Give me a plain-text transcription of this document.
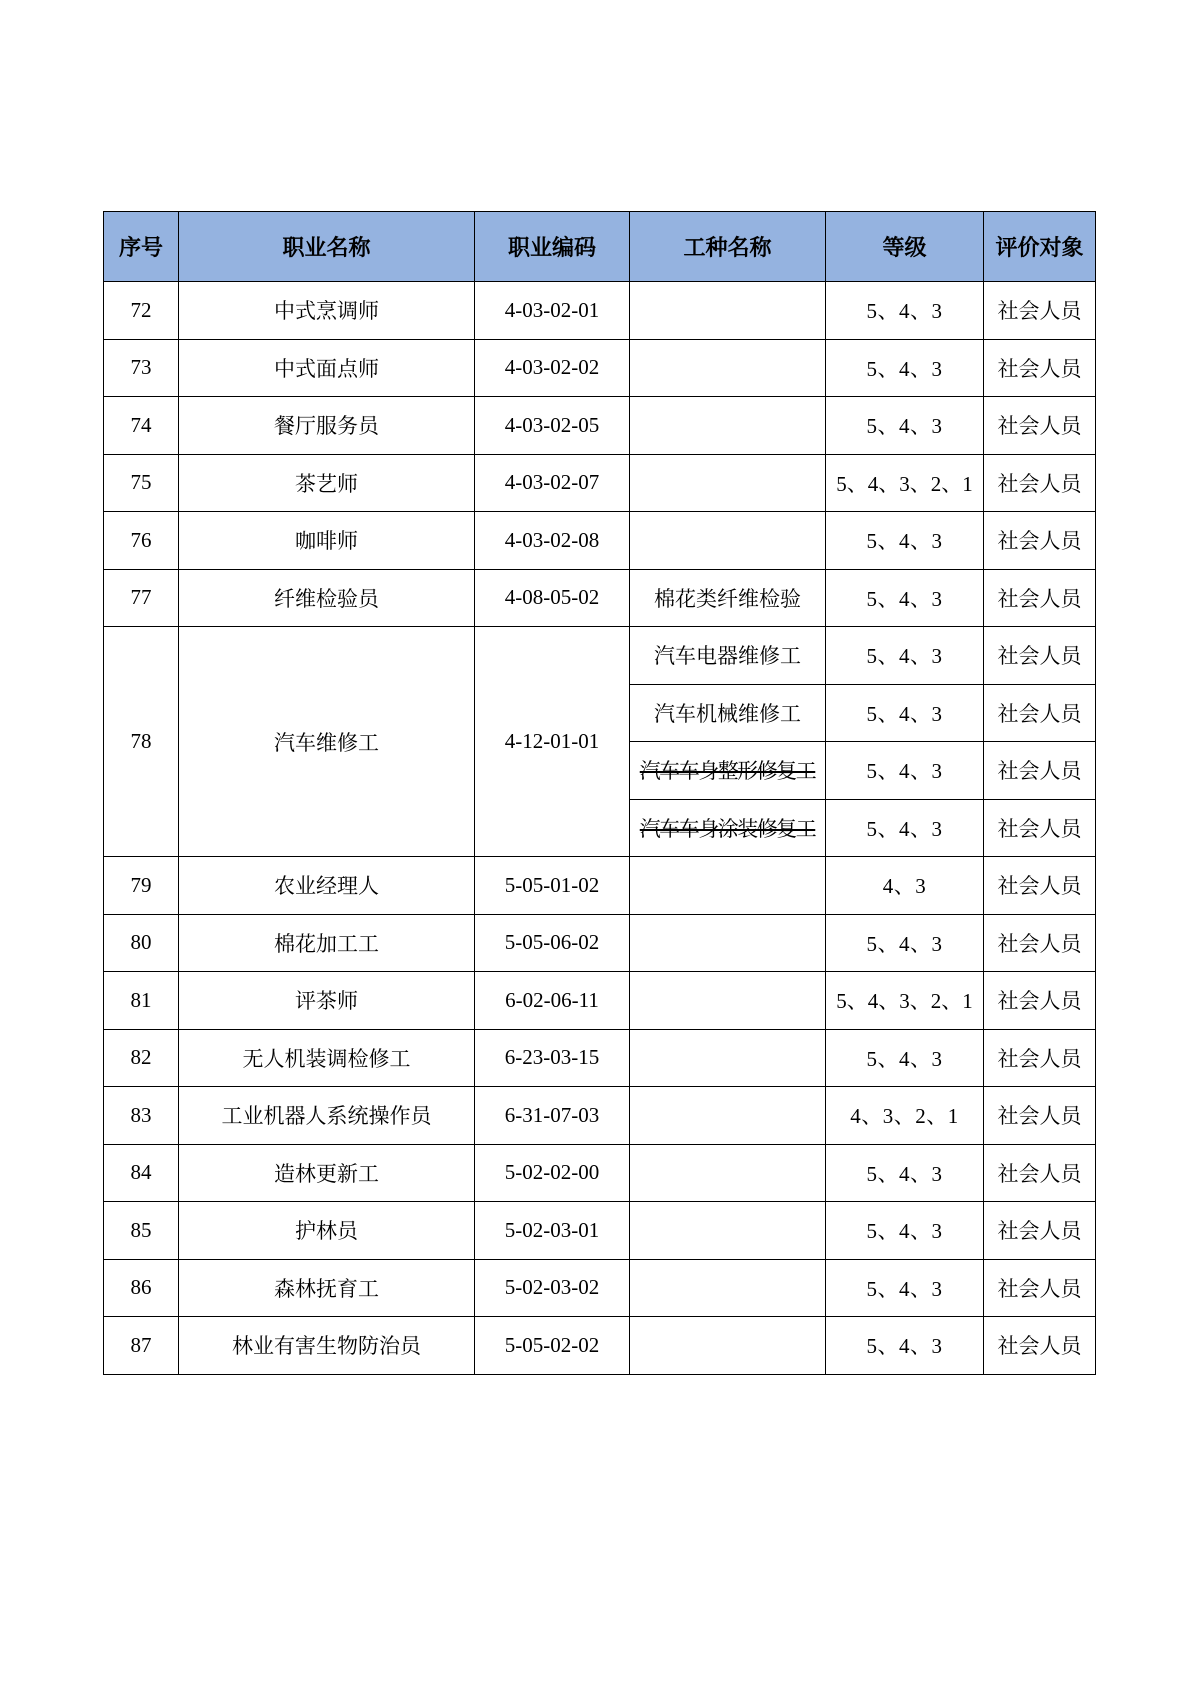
序号	职业名称	职业编码	工种名称	等级	评价对象
72	中式烹调师	4-03-02-01		5、4、3	社会人员
73	中式面点师	4-03-02-02		5、4、3	社会人员
74	餐厅服务员	4-03-02-05		5、4、3	社会人员
75	茶艺师	4-03-02-07		5、4、3、2、1	社会人员
76	咖啡师	4-03-02-08		5、4、3	社会人员
77	纤维检验员	4-08-05-02	棉花类纤维检验	5、4、3	社会人员
78	汽车维修工	4-12-01-01	汽车电器维修工	5、4、3	社会人员
			汽车机械维修工	5、4、3	社会人员
			汽车车身整形修复工	5、4、3	社会人员
			汽车车身涂装修复工	5、4、3	社会人员
79	农业经理人	5-05-01-02		4、3	社会人员
80	棉花加工工	5-05-06-02		5、4、3	社会人员
81	评茶师	6-02-06-11		5、4、3、2、1	社会人员
82	无人机装调检修工	6-23-03-15		5、4、3	社会人员
83	工业机器人系统操作员	6-31-07-03		4、3、2、1	社会人员
84	造林更新工	5-02-02-00		5、4、3	社会人员
85	护林员	5-02-03-01		5、4、3	社会人员
86	森林抚育工	5-02-03-02		5、4、3	社会人员
87	林业有害生物防治员	5-05-02-02		5、4、3	社会人员
